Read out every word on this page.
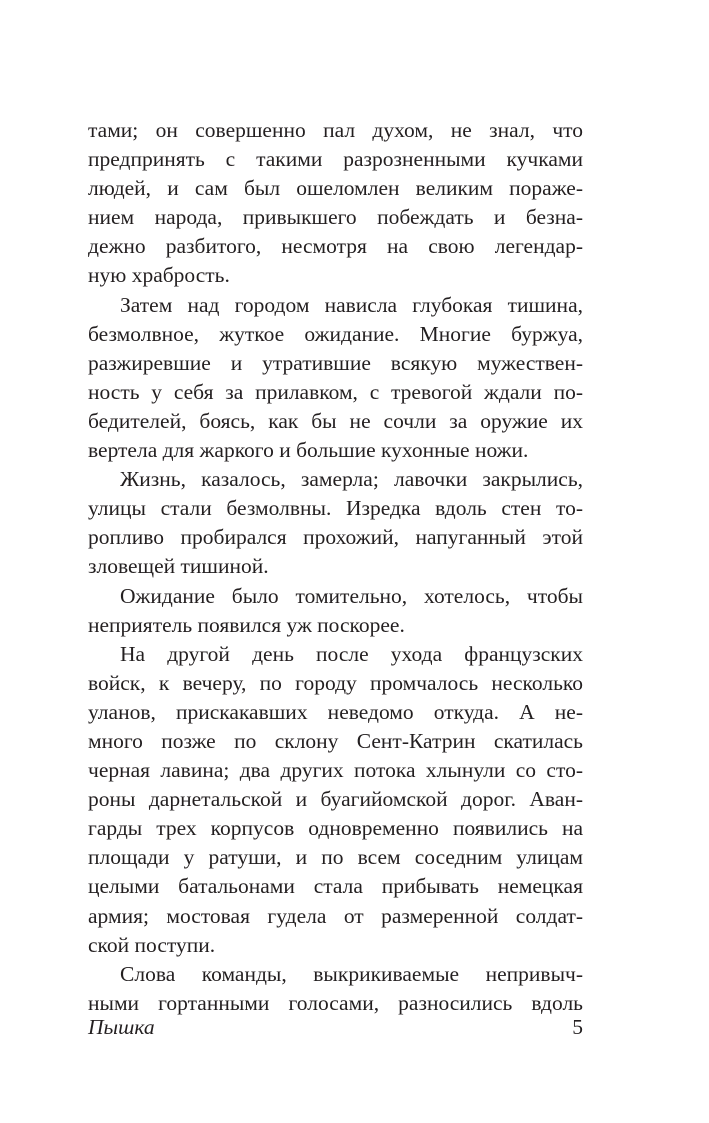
тами; он совершенно пал духом, не знал, что
предпринять с такими разрозненными кучками
людей, и сам был ошеломлен великим пораже-
нием народа, привыкшего побеждать и безна-
дежно разбитого, несмотря на свою легендар-
ную храбрость.
Затем над городом нависла глубокая тишина,
безмолвное, жуткое ожидание. Многие буржуа,
разжиревшие и утратившие всякую мужествен-
ность у себя за прилавком, с тревогой ждали по-
бедителей, боясь, как бы не сочли за оружие их
вертела для жаркого и большие кухонные ножи.
Жизнь, казалось, замерла; лавочки закрылись,
улицы стали безмолвны. Изредка вдоль стен то-
ропливо пробирался прохожий, напуганный этой
зловещей тишиной.
Ожидание было томительно, хотелось, чтобы
неприятель появился уж поскорее.
На другой день после ухода французских
войск, к вечеру, по городу промчалось несколько
уланов, прискакавших неведомо откуда. А не-
много позже по склону Сент-Катрин скатилась
черная лавина; два других потока хлынули со сто-
роны дарнетальской и буагийомской дорог. Аван-
гарды трех корпусов одновременно появились на
площади у ратуши, и по всем соседним улицам
целыми батальонами стала прибывать немецкая
армия; мостовая гудела от размеренной солдат-
ской поступи.
Слова команды, выкрикиваемые непривыч-
ными гортанными голосами, разносились вдоль
Пышка	5
